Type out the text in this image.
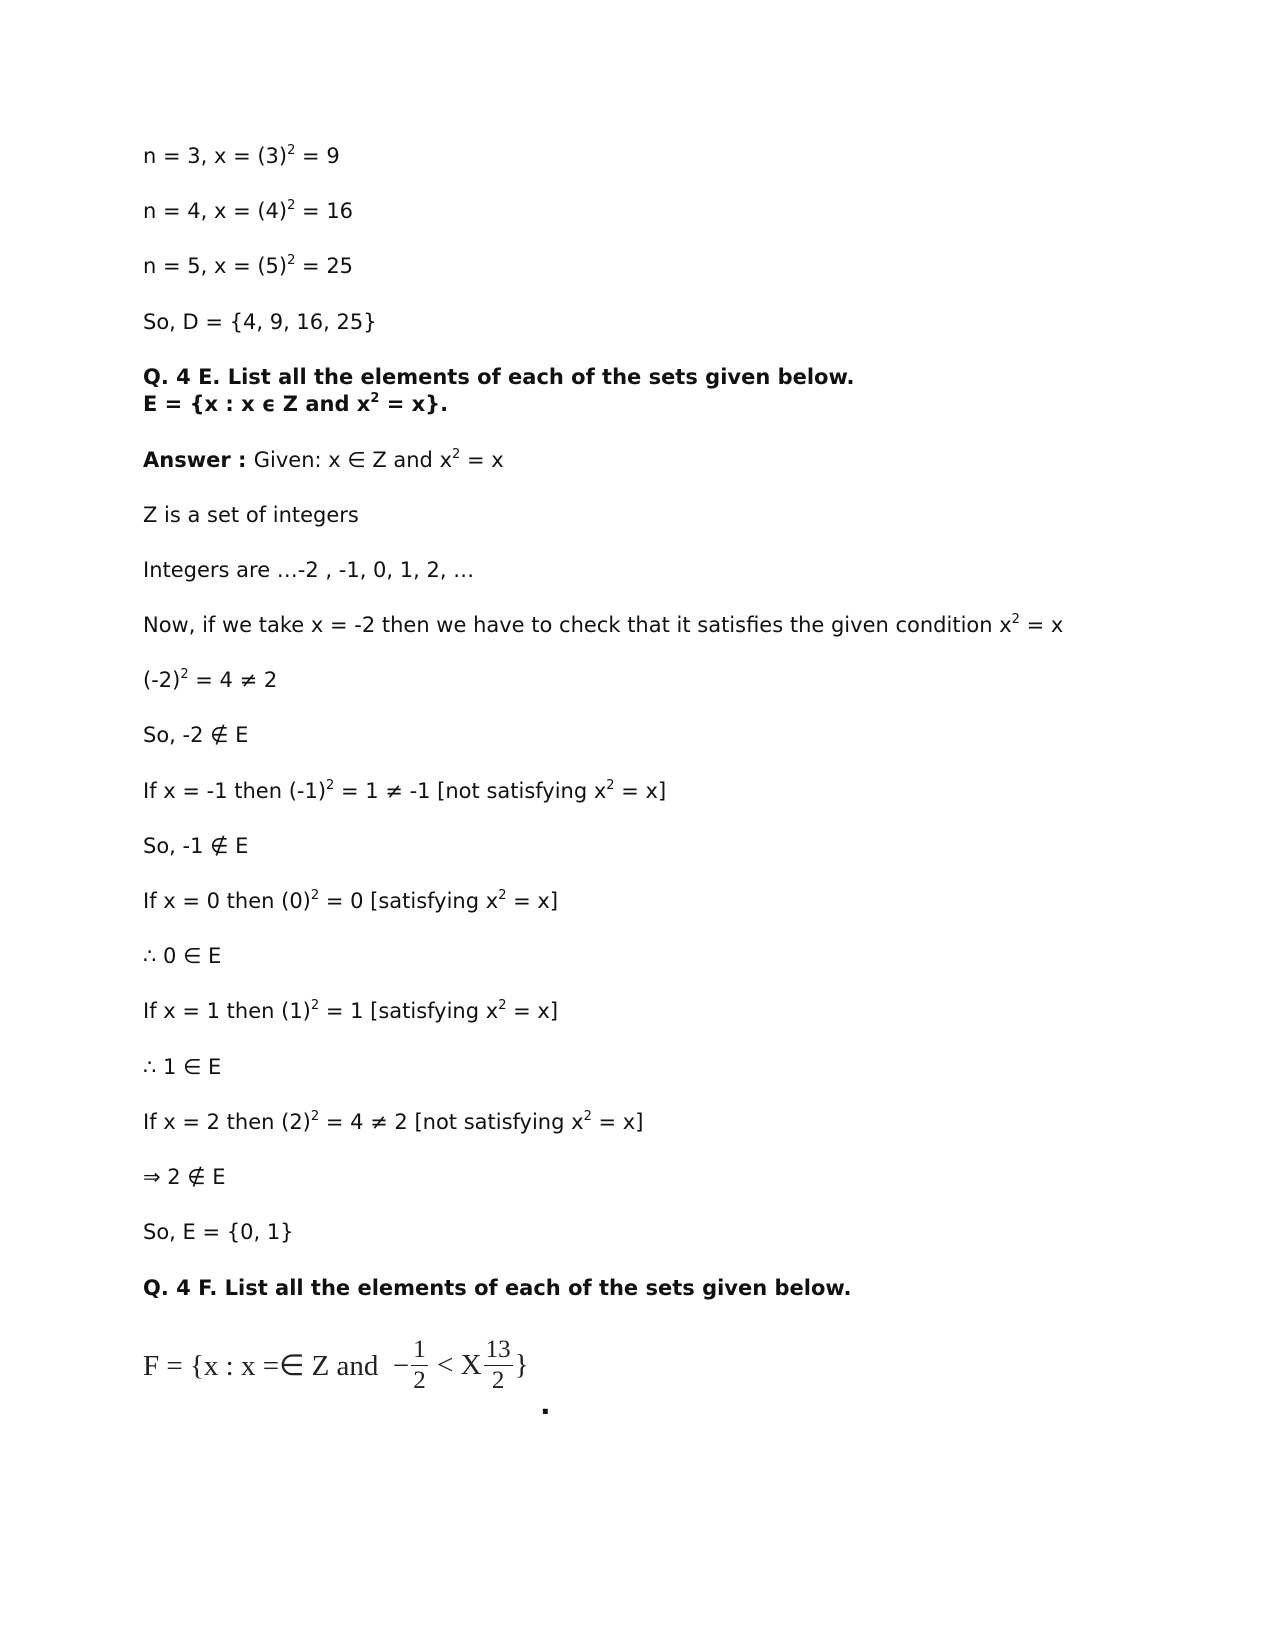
n = 3, $x = (3)^2 = 9$
n = 4, $x = (4)^2 = 16$
n = 5, $x = (5)^2 = 25$
So, D = {4, 9, 16, 25}
Q. 4 E. List all the elements of each of the sets given below.
E = {x : x ϵ Z and $x^2 = x$}.
Answer : Given: x ∈ Z and $x^2 = x$
Z is a set of integers
Integers are …-2 , -1, 0, 1, 2, …
Now, if we take x = -2 then we have to check that it satisfies the given condition $x^2 = x$
$(-2)^2 = 4 \ne 2$
So, -2 ∉ E
If x = -1 then $(-1)^2 = 1 \ne -1$ [not satisfying $x^2 = x$]
So, -1 ∉ E
If x = 0 then $(0)^2 = 0$ [satisfying $x^2 = x$]
∴ 0 ∈ E
If x = 1 then $(1)^2 = 1$ [satisfying $x^2 = x$]
∴ 1 ∈ E
If x = 2 then $(2)^2 = 4 \ne 2$ [not satisfying $x^2 = x$]
⇒ 2 ∉ E
So, E = {0, 1}
Q. 4 F. List all the elements of each of the sets given below.
F = {x : x =∈ Z and  − $\frac{1}{2} < X \frac{13}{2}$ }
.
